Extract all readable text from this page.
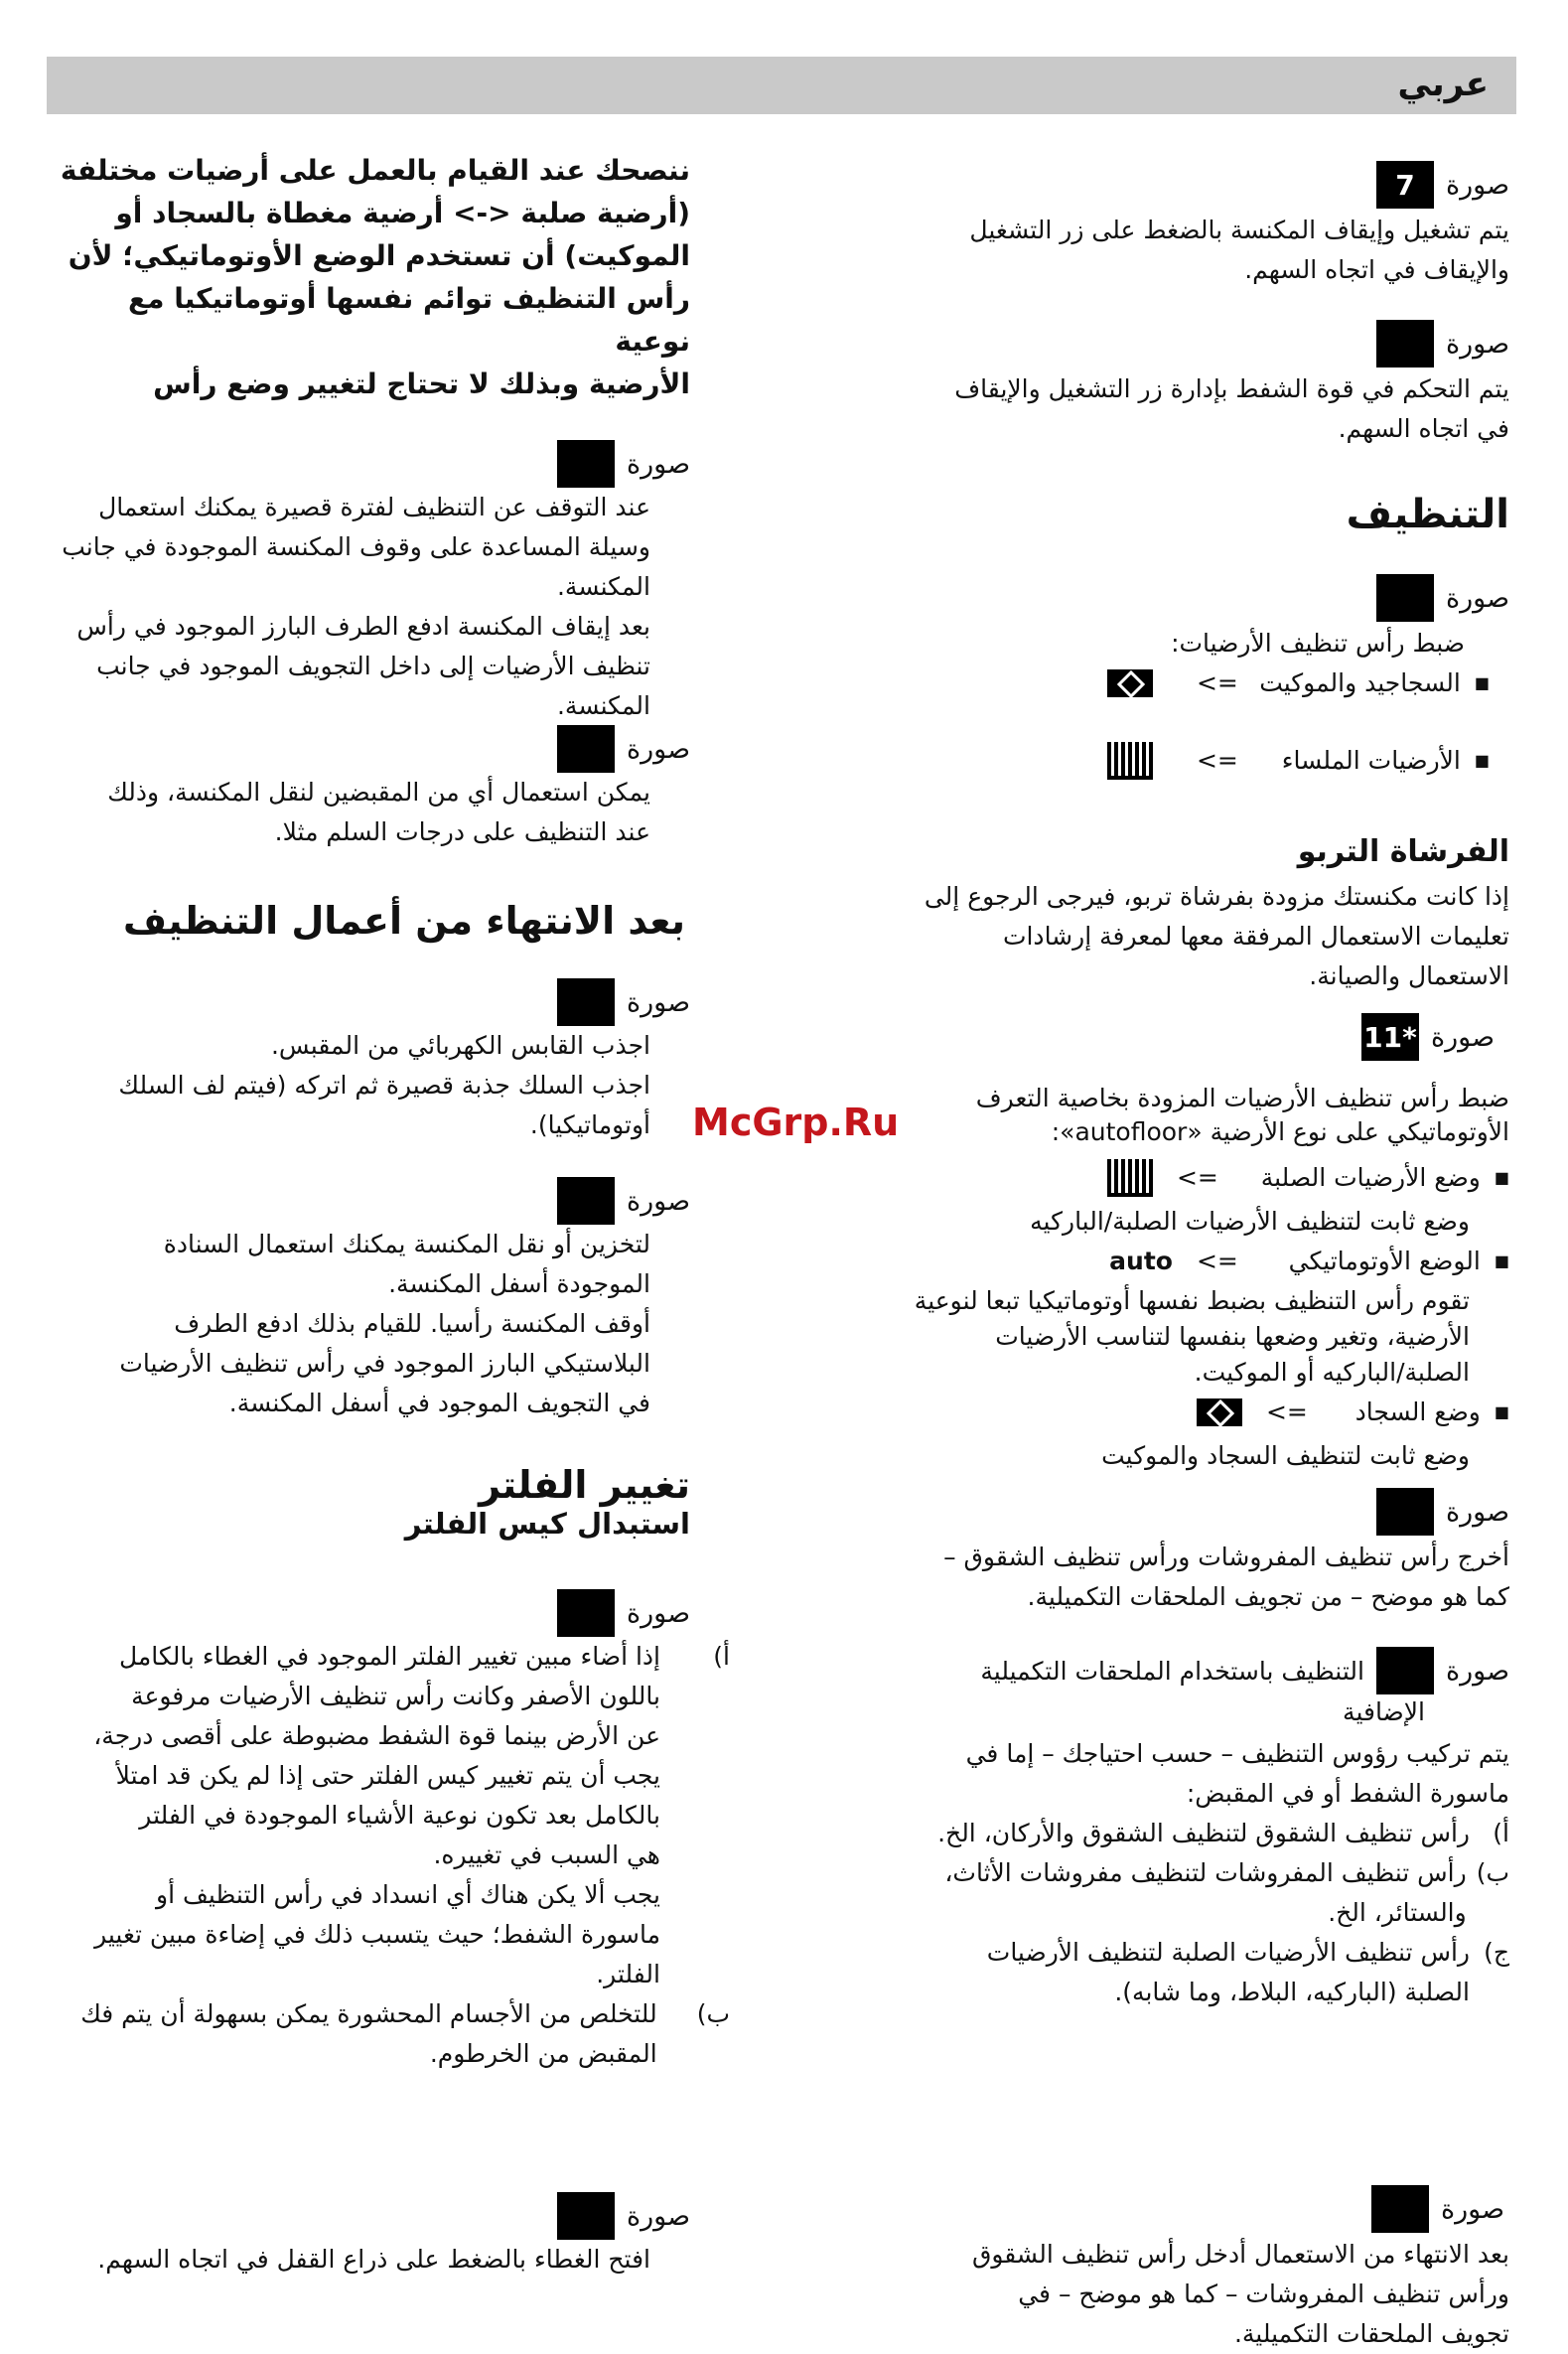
عربي
صورة
7

يتم تشغيل وإيقاف المكنسة بالضغط على زر التشغيل

والإيقاف في اتجاه السهم.

صورة

يتم التحكم في قوة الشفط بإدارة زر التشغيل والإيقاف

في اتجاه السهم.

التنظيف

صورة

ضبط رأس تنظيف الأرضيات:

■
السجاجيد والموكيت
<=
■
الأرضيات الملساء
<=

الفرشاة التربو

إذا كانت مكنستك مزودة بفرشاة تربو، فيرجى الرجوع إلى

تعليمات الاستعمال المرفقة معها لمعرفة إرشادات

الاستعمال والصيانة.

صورة
11*

ضبط رأس تنظيف الأرضيات المزودة بخاصية التعرف

الأوتوماتيكي على نوع الأرضية «autofloor»:

■
وضع الأرضيات الصلبة
<=

وضع ثابت لتنظيف الأرضيات الصلبة/الباركيه

■
الوضع الأوتوماتيكي
<=
auto

تقوم رأس التنظيف بضبط نفسها أوتوماتيكيا تبعا لنوعية

الأرضية، وتغير وضعها بنفسها لتناسب الأرضيات

الصلبة/الباركيه أو الموكيت.

■
وضع السجاد
<=

وضع ثابت لتنظيف السجاد والموكيت

صورة

أخرج رأس تنظيف المفروشات ورأس تنظيف الشقوق –

كما هو موضح – من تجويف الملحقات التكميلية.

صورة
التنظيف باستخدام الملحقات التكميلية

الإضافية

يتم تركيب رؤوس التنظيف – حسب احتياجك – إما في

ماسورة الشفط أو في المقبض:

أ)
رأس تنظيف الشقوق لتنظيف الشقوق والأركان، الخ.
ب)

رأس تنظيف المفروشات لتنظيف مفروشات الأثاث،

والستائر، الخ.

ج)

رأس تنظيف الأرضيات الصلبة لتنظيف الأرضيات

الصلبة (الباركيه، البلاط، وما شابه).

صورة

بعد الانتهاء من الاستعمال أدخل رأس تنظيف الشقوق

ورأس تنظيف المفروشات – كما هو موضح – في

تجويف الملحقات التكميلية.

ننصحك عند القيام بالعمل على أرضيات مختلفة

(أرضية صلبة <-> أرضية مغطاة بالسجاد أو

الموكيت) أن تستخدم الوضع الأوتوماتيكي؛ لأن

رأس التنظيف توائم نفسها أوتوماتيكيا مع نوعية

الأرضية وبذلك لا تحتاج لتغيير وضع رأس

صورة

عند التوقف عن التنظيف لفترة قصيرة يمكنك استعمال

وسيلة المساعدة على وقوف المكنسة الموجودة في جانب

المكنسة.

بعد إيقاف المكنسة ادفع الطرف البارز الموجود في رأس

تنظيف الأرضيات إلى داخل التجويف الموجود في جانب

المكنسة.

صورة

يمكن استعمال أي من المقبضين لنقل المكنسة، وذلك

عند التنظيف على درجات السلم مثلا.

بعد الانتهاء من أعمال التنظيف

صورة

اجذب القابس الكهربائي من المقبس.

اجذب السلك جذبة قصيرة ثم اتركه (فيتم لف السلك

أوتوماتيكيا).

صورة

لتخزين أو نقل المكنسة يمكنك استعمال السنادة

الموجودة أسفل المكنسة.

أوقف المكنسة رأسيا. للقيام بذلك ادفع الطرف

البلاستيكي البارز الموجود في رأس تنظيف الأرضيات

في التجويف الموجود في أسفل المكنسة.

تغيير الفلتر

استبدال كيس الفلتر

صورة
أ)

إذا أضاء مبين تغيير الفلتر الموجود في الغطاء بالكامل

باللون الأصفر وكانت رأس تنظيف الأرضيات مرفوعة

عن الأرض بينما قوة الشفط مضبوطة على أقصى درجة،

يجب أن يتم تغيير كيس الفلتر حتى إذا لم يكن قد امتلأ

بالكامل بعد تكون نوعية الأشياء الموجودة في الفلتر

هي السبب في تغييره.

يجب ألا يكن هناك أي انسداد في رأس التنظيف أو

ماسورة الشفط؛ حيث يتسبب ذلك في إضاءة مبين تغيير

الفلتر.

ب)

للتخلص من الأجسام المحشورة يمكن بسهولة أن يتم فك

المقبض من الخرطوم.

صورة

افتح الغطاء بالضغط على ذراع القفل في اتجاه السهم.

McGrp.Ru
